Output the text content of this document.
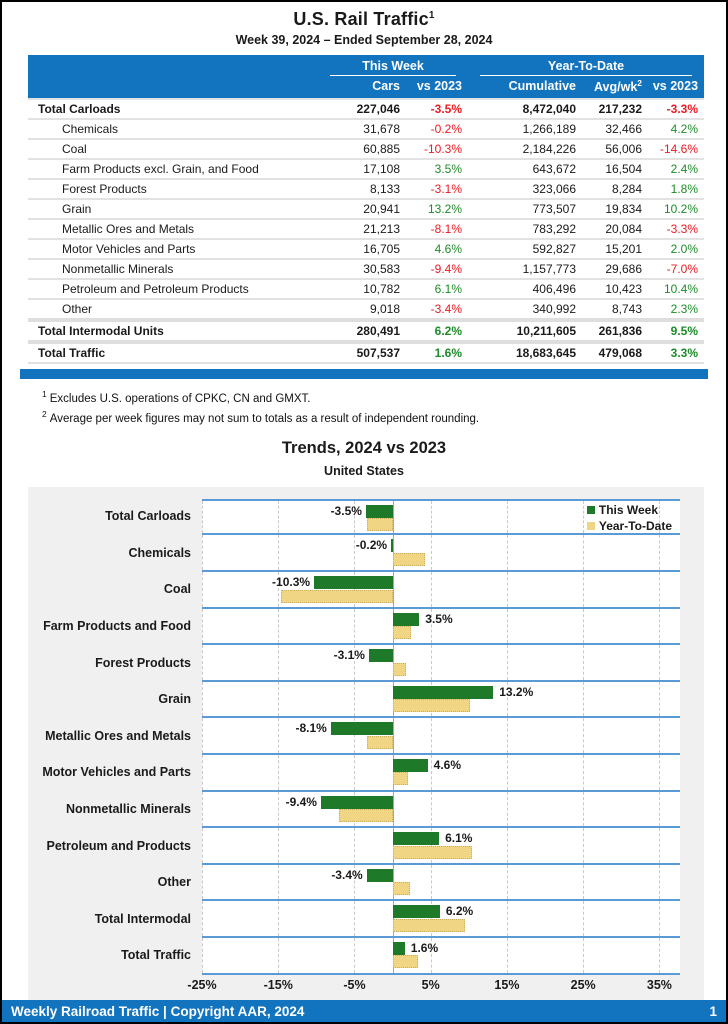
U.S. Rail Traffic$^1$
Week 39, 2024 – Ended September 28, 2024

	This Week		Year-To-Date		

	Cars	vs 2023	Cumulative	Avg/$wk^2$	vs 2023
Total Carloads	227,046	-3.5%	8,472,040	217,232	-3.3%
Chemicals	31,678	-0.2%	1,266,189	32,466	4.2%
Coal	60,885	-10.3%	2,184,226	56,006	-14.6%
Farm Products excl. Grain, and Food	17,108	3.5%	643,672	16,504	2.4%
Forest Products	8,133	-3.1%	323,066	8,284	1.8%
Grain	20,941	13.2%	773,507	19,834	10.2%
Metallic Ores and Metals	21,213	-8.1%	783,292	20,084	-3.3%
Motor Vehicles and Parts	16,705	4.6%	592,827	15,201	2.0%
Nonmetallic Minerals	30,583	-9.4%	1,157,773	29,686	-7.0%
Petroleum and Petroleum Products	10,782	6.1%	406,496	10,423	10.4%
Other	9,018	-3.4%	340,992	8,743	2.3%
Total Intermodal Units	280,491	6.2%	10,211,605	261,836	9.5%
Total Traffic	507,537	1.6%	18,683,645	479,068	3.3%
$^1$ Excludes U.S. operations of CPKC, CN and GMXT.
$^2$ Average per week figures may not sum to totals as a result of independent rounding.
Trends, 2024 vs 2023
United States
Total Carloads	-3.5%	This Week
Year-To-Date
Chemicals
-0.2%
Coal
-10.3%
Farm Products and Food
3.5%
Forest Products
-3.1%
Grain
13.2%
Metallic Ores and Metals
-8.1%
Motor Vehicles and Parts
4.6%
Nonmetallic Minerals
-9.4%
Petroleum and Products
6.1%
Other
-3.4%
Total Intermodal
6.2%
Total Traffic
1.6%
-25%	-15%	-5%	5%	15%	25%	35%
Weekly Railroad Traffic | Copyright AAR, 2024	1
